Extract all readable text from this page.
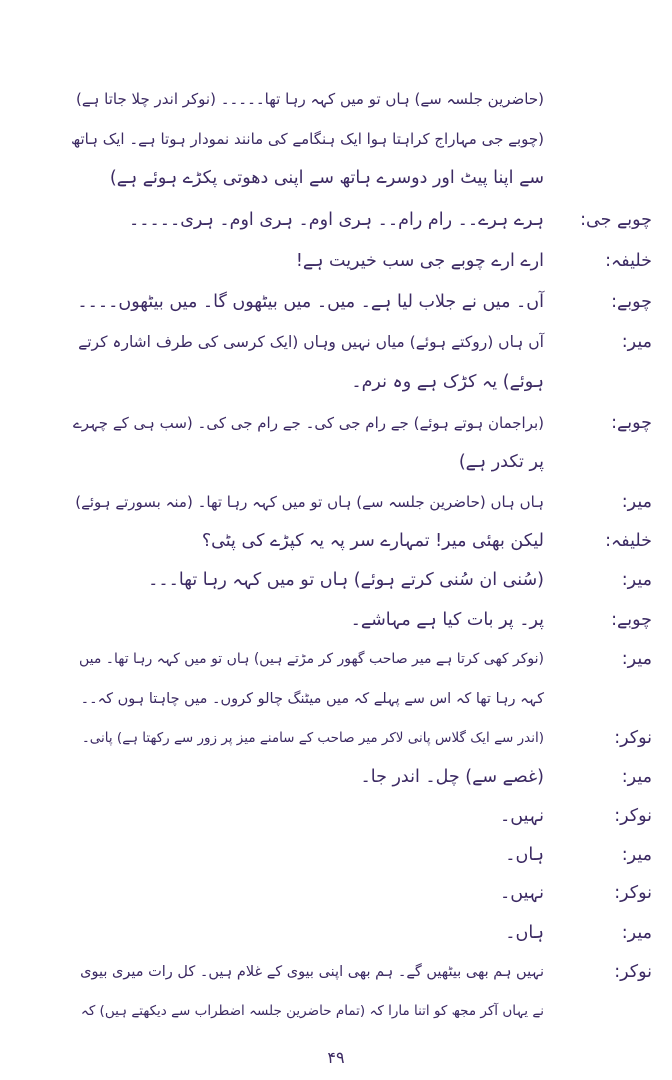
(حاضرین جلسہ سے) ہاں تو میں کہہ رہا تھا۔۔۔۔۔ (نوکر اندر چلا جاتا ہے)
(چوبے جی مہاراج کراہتا ہوا ایک ہنگامے کی مانند نمودار ہوتا ہے۔ ایک ہاتھ
سے اپنا پیٹ اور دوسرے ہاتھ سے اپنی دھوتی پکڑے ہوئے ہے)
چوبے جی:
ہرے ہرے۔۔ رام رام۔۔ ہری اوم۔ ہری اوم۔ ہری۔۔۔۔۔
خلیفہ:
ارے ارے چوبے جی سب خیریت ہے!
چوبے:
آں۔ میں نے جلاب لیا ہے۔ میں۔ میں بیٹھوں گا۔ میں بیٹھوں۔۔۔۔
میر:
آں ہاں (روکتے ہوئے) میاں نہیں وہاں (ایک کرسی کی طرف اشارہ کرتے
ہوئے) یہ کڑک ہے وہ نرم۔
چوبے:
(براجمان ہوتے ہوئے) جے رام جی کی۔ جے رام جی کی۔ (سب ہی کے چہرے
پر تکدر ہے)
میر:
ہاں ہاں (حاضرین جلسہ سے) ہاں تو میں کہہ رہا تھا۔ (منہ بسورتے ہوئے)
خلیفہ:
لیکن بھئی میر! تمہارے سر پہ یہ کپڑے کی پٹی؟
میر:
(سُنی ان سُنی کرتے ہوئے) ہاں تو میں کہہ رہا تھا۔۔۔
چوبے:
پر۔ پر بات کیا ہے مہاشے۔
میر:
(نوکر کھی کرتا ہے میر صاحب گھور کر مڑتے ہیں) ہاں تو میں کہہ رہا تھا۔ میں
کہہ رہا تھا کہ اس سے پہلے کہ میں میٹنگ چالو کروں۔ میں چاہتا ہوں کہ۔۔
نوکر:
(اندر سے ایک گلاس پانی لاکر میر صاحب کے سامنے میز پر زور سے رکھتا ہے) پانی۔
میر:
(غصے سے) چل۔ اندر جا۔
نوکر:
نہیں۔
میر:
ہاں۔
نوکر:
نہیں۔
میر:
ہاں۔
نوکر:
نہیں ہم بھی بیٹھیں گے۔ ہم بھی اپنی بیوی کے غلام ہیں۔ کل رات میری بیوی
نے یہاں آکر مجھ کو اتنا مارا کہ (تمام حاضرین جلسہ اضطراب سے دیکھتے ہیں) کہ
۴۹
